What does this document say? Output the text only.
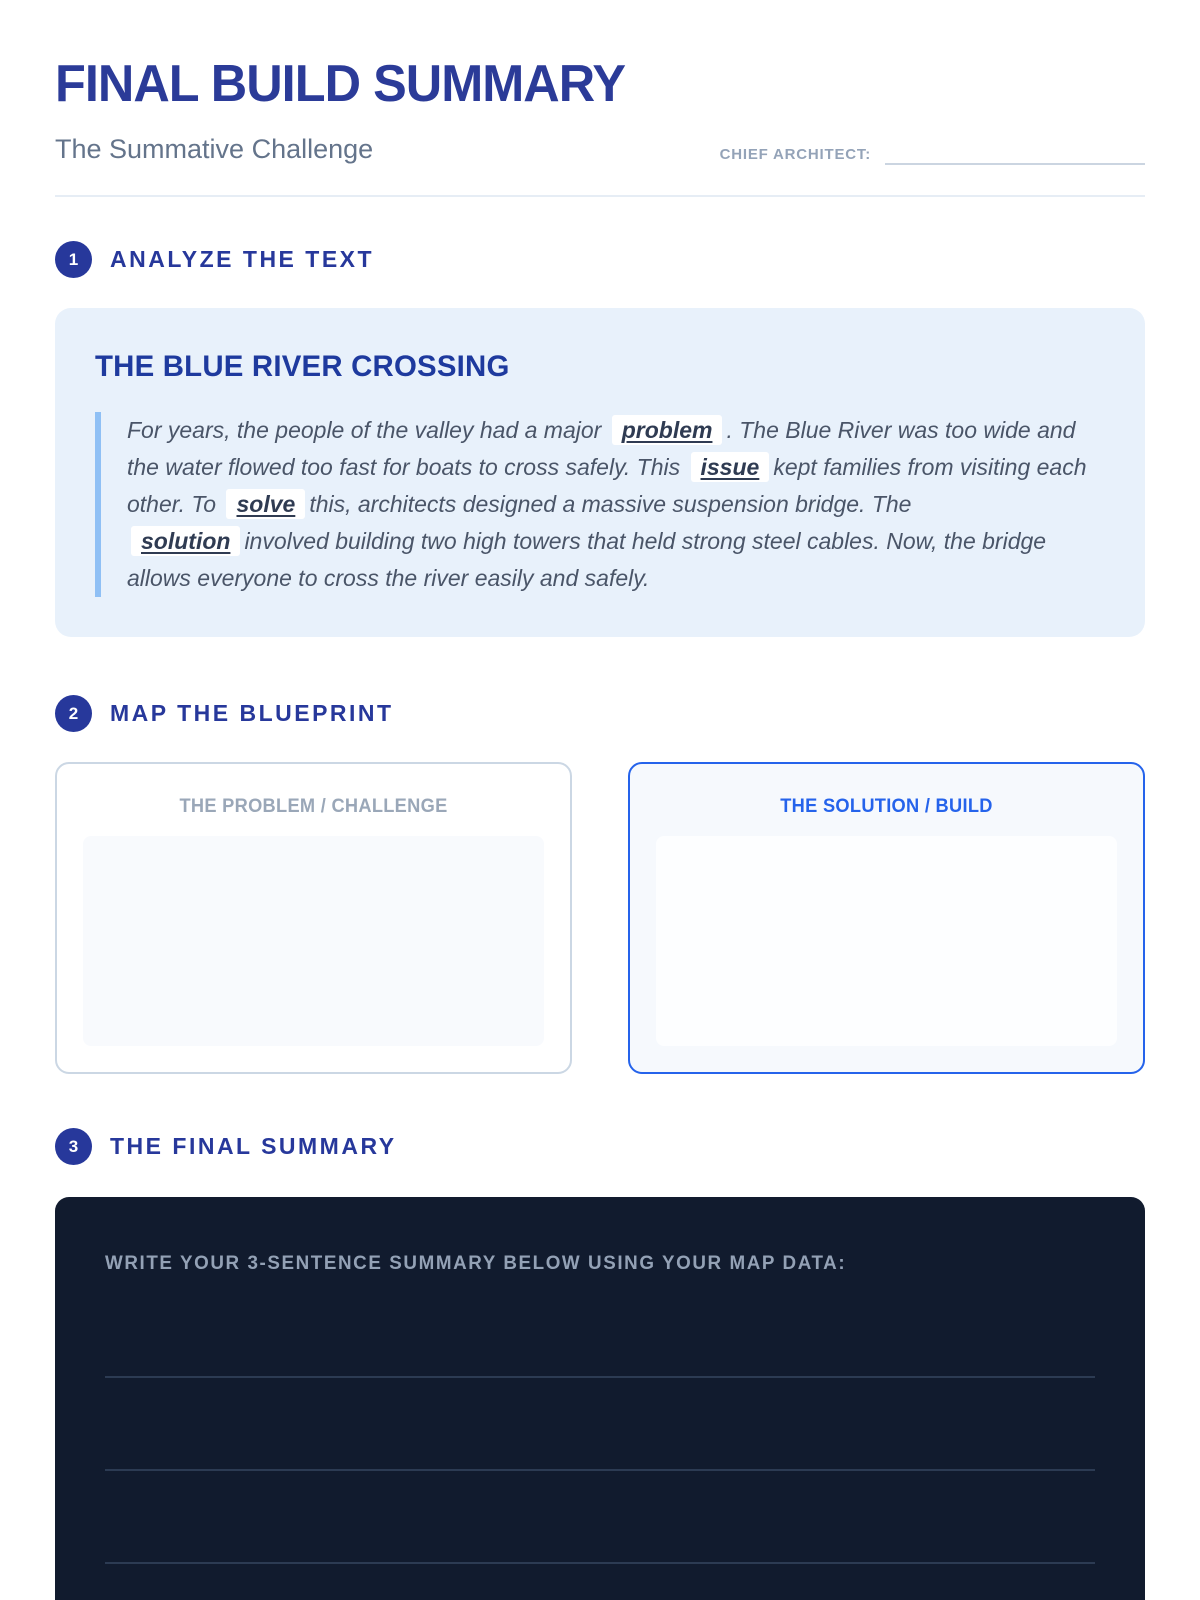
FINAL BUILD SUMMARY
The Summative Challenge	CHIEF ARCHITECT:
1	ANALYZE THE TEXT
THE BLUE RIVER CROSSING

For years, the people of the valley had a major problem . The Blue River was too wide and the water flowed too fast for boats to cross safely. This issue kept families from visiting each other. To solve this, architects designed a massive suspension bridge. The solution involved building two high towers that held strong steel cables. Now, the bridge allows everyone to cross the river easily and safely.

2	MAP THE BLUEPRINT
THE PROBLEM / CHALLENGE	THE SOLUTION / BUILD
3	THE FINAL SUMMARY
WRITE YOUR 3-SENTENCE SUMMARY BELOW USING YOUR MAP DATA:
